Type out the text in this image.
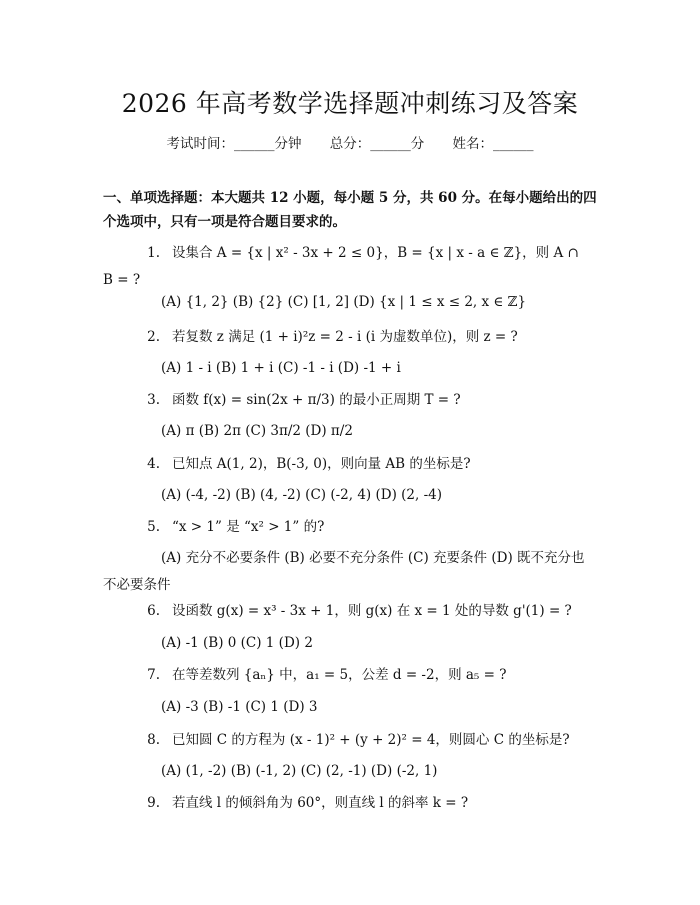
2026 年高考数学选择题冲刺练习及答案
考试时间：______分钟 总分：______分 姓名：______
一、单项选择题：本大题共 12 小题，每小题 5 分，共 60 分。在每小题给出的四个选项中，只有一项是符合题目要求的。
1. 设集合 A = {x | x² - 3x + 2 ≤ 0}，B = {x | x - a ∈ ℤ}，则 A ∩ B = ?
(A) {1, 2} (B) {2} (C) [1, 2] (D) {x | 1 ≤ x ≤ 2, x ∈ ℤ}
2. 若复数 z 满足 (1 + i)²z = 2 - i (i 为虚数单位)，则 z = ?
(A) 1 - i (B) 1 + i (C) -1 - i (D) -1 + i
3. 函数 f(x) = sin(2x + π/3) 的最小正周期 T = ?
(A) π (B) 2π (C) 3π/2 (D) π/2
4. 已知点 A(1, 2)，B(-3, 0)，则向量 AB 的坐标是?
(A) (-4, -2) (B) (4, -2) (C) (-2, 4) (D) (2, -4)
5. “x > 1” 是 “x² > 1” 的?
(A) 充分不必要条件 (B) 必要不充分条件 (C) 充要条件 (D) 既不充分也不必要条件
6. 设函数 g(x) = x³ - 3x + 1，则 g(x) 在 x = 1 处的导数 g'(1) = ?
(A) -1 (B) 0 (C) 1 (D) 2
7. 在等差数列 {aₙ} 中，a₁ = 5，公差 d = -2，则 a₅ = ?
(A) -3 (B) -1 (C) 1 (D) 3
8. 已知圆 C 的方程为 (x - 1)² + (y + 2)² = 4，则圆心 C 的坐标是?
(A) (1, -2) (B) (-1, 2) (C) (2, -1) (D) (-2, 1)
9. 若直线 l 的倾斜角为 60°，则直线 l 的斜率 k = ?
